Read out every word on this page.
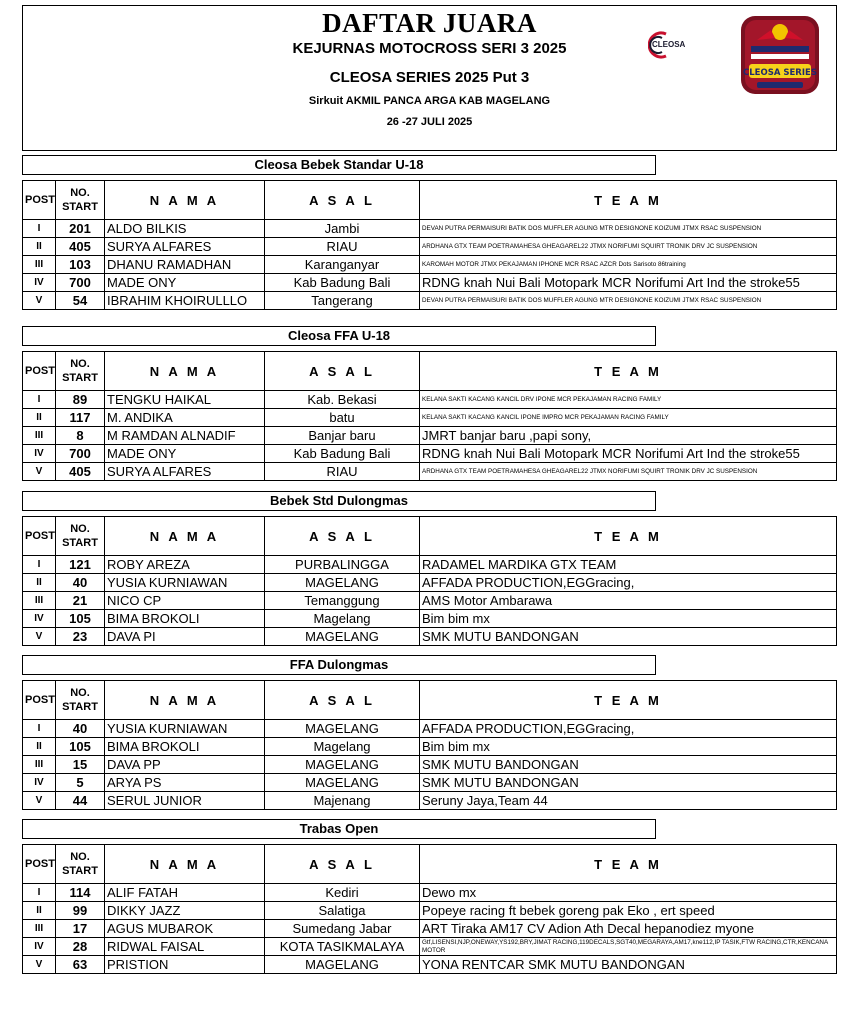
DAFTAR JUARA
KEJURNAS MOTOCROSS SERI 3 2025
CLEOSA SERIES 2025 Put 3
Sirkuit AKMIL PANCA ARGA KAB MAGELANG
26 -27 JULI 2025
CLEOSA
CLEOSA SERIES
Cleosa Bebek Standar U-18
POST	NO. START	N A M A	A S A L	T E A M
I	201	ALDO BILKIS	Jambi	DEVAN PUTRA PERMAISURI BATIK DOS MUFFLER AGUNG MTR DESIGNONE KOIZUMI JTMX RSAC SUSPENSION
II	405	SURYA ALFARES	RIAU	ARDHANA GTX TEAM POETRAMAHESA GHEAGAREL22 JTMX NORIFUMI SQUIRT TRONIK DRV JC SUSPENSION
III	103	DHANU RAMADHAN	Karanganyar	KAROMAH MOTOR JTMX PEKAJAMAN IPHONE MCR RSAC AZCR Dots Sarisoto 86training
IV	700	MADE ONY	Kab Badung Bali	RDNG knah Nui Bali Motopark MCR Norifumi Art Ind the stroke55
V	54	IBRAHIM KHOIRULLLO	Tangerang	DEVAN PUTRA PERMAISURI BATIK DOS MUFFLER AGUNG MTR DESIGNONE KOIZUMI JTMX RSAC SUSPENSION
Cleosa FFA U-18
POST	NO. START	N A M A	A S A L	T E A M
I	89	TENGKU HAIKAL	Kab. Bekasi	KELANA SAKTI KACANG KANCIL DRV IPONE MCR PEKAJAMAN RACING FAMILY
II	117	M. ANDIKA	batu	KELANA SAKTI KACANG KANCIL IPONE IMPRO MCR PEKAJAMAN RACING FAMILY
III	8	M RAMDAN ALNADIF	Banjar baru	JMRT banjar baru ,papi sony,
IV	700	MADE ONY	Kab Badung Bali	RDNG knah Nui Bali Motopark MCR Norifumi Art Ind the stroke55
V	405	SURYA ALFARES	RIAU	ARDHANA GTX TEAM POETRAMAHESA GHEAGAREL22 JTMX NORIFUMI SQUIRT TRONIK DRV JC SUSPENSION
Bebek Std Dulongmas
POST	NO. START	N A M A	A S A L	T E A M
I	121	ROBY AREZA	PURBALINGGA	RADAMEL MARDIKA GTX TEAM
II	40	YUSIA KURNIAWAN	MAGELANG	AFFADA PRODUCTION,EGGracing,
III	21	NICO CP	Temanggung	AMS Motor Ambarawa
IV	105	BIMA BROKOLI	Magelang	Bim bim mx
V	23	DAVA PI	MAGELANG	SMK MUTU BANDONGAN
FFA Dulongmas
POST	NO. START	N A M A	A S A L	T E A M
I	40	YUSIA KURNIAWAN	MAGELANG	AFFADA PRODUCTION,EGGracing,
II	105	BIMA BROKOLI	Magelang	Bim bim mx
III	15	DAVA PP	MAGELANG	SMK MUTU BANDONGAN
IV	5	ARYA PS	MAGELANG	SMK MUTU BANDONGAN
V	44	SERUL JUNIOR	Majenang	Seruny Jaya,Team 44
Trabas Open
POST	NO. START	N A M A	A S A L	T E A M
I	114	ALIF FATAH	Kediri	Dewo mx
II	99	DIKKY JAZZ	Salatiga	Popeye racing ft bebek goreng pak Eko , ert speed
III	17	AGUS MUBAROK	Sumedang Jabar	ART Tiraka AM17 CV Adion Ath Decal hepanodiez myone
IV	28	RIDWAL FAISAL	KOTA TASIKMALAYA	Gtf,LISENSI,NJP,ONEWAY,YS192,BRY,JIMAT RACING,119DECALS,SGT40,MEGARAYA,AM17,kne112,IP TASIK,FTW RACING,CTR,KENCANA MOTOR
V	63	PRISTION	MAGELANG	YONA RENTCAR SMK MUTU BANDONGAN
